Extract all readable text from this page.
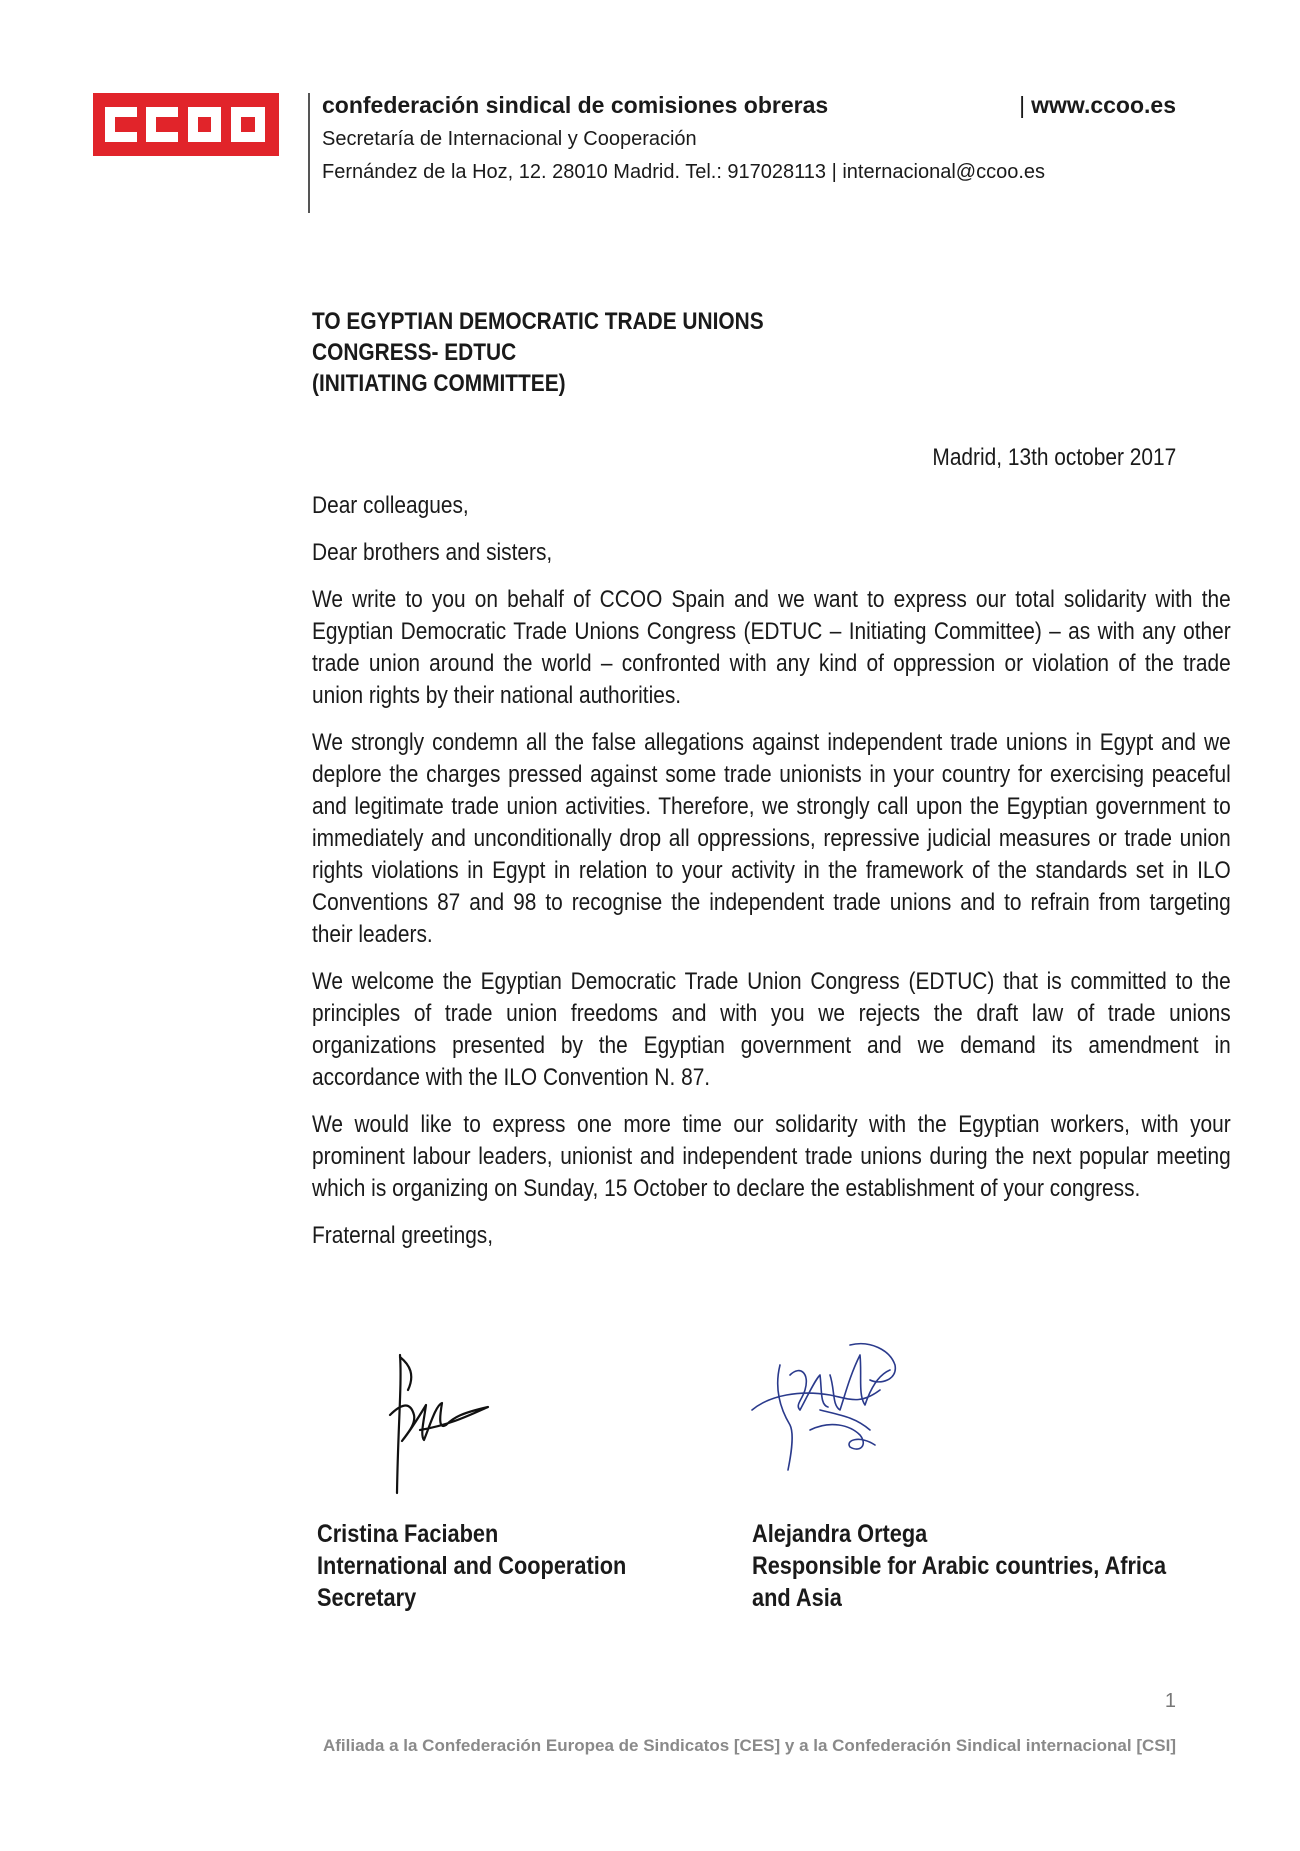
confederación sindical de comisiones obreras
Secretaría de Internacional y Cooperación
Fernández de la Hoz, 12. 28010 Madrid. Tel.: 917028113 | internacional@ccoo.es
| www.ccoo.es
TO EGYPTIAN DEMOCRATIC TRADE UNIONS
CONGRESS- EDTUC
(INITIATING COMMITTEE)
Madrid, 13th october 2017

Dear colleagues,

Dear brothers and sisters,

We write to you on behalf of CCOO Spain and we want to express our total solidarity with the Egyptian Democratic Trade Unions Congress (EDTUC – Initiating Committee) – as with any other trade union around the world – confronted with any kind of oppression or violation of the trade union rights by their national authorities.

We strongly condemn all the false allegations against independent trade unions in Egypt and we deplore the charges pressed against some trade unionists in your country for exercising peaceful and legitimate trade union activities. Therefore, we strongly call upon the Egyptian government to immediately and unconditionally drop all oppressions, repressive judicial measures or trade union rights violations in Egypt in relation to your activity in the framework of the standards set in ILO Conventions 87 and 98 to recognise the independent trade unions and to refrain from targeting their leaders.

We welcome the Egyptian Democratic Trade Union Congress (EDTUC) that is committed to the principles of trade union freedoms and with you we rejects the draft law of trade unions organizations presented by the Egyptian government and we demand its amendment in accordance with the ILO Convention N. 87.

We would like to express one more time our solidarity with the Egyptian workers, with your prominent labour leaders, unionist and independent trade unions during the next popular meeting which is organizing on Sunday, 15 October to declare the establishment of your congress.

Fraternal greetings,

Cristina Faciaben
International and Cooperation
Secretary
Alejandra Ortega
Responsible for Arabic countries, Africa
and Asia
1
Afiliada a la Confederación Europea de Sindicatos [CES] y a la Confederación Sindical internacional [CSI]
